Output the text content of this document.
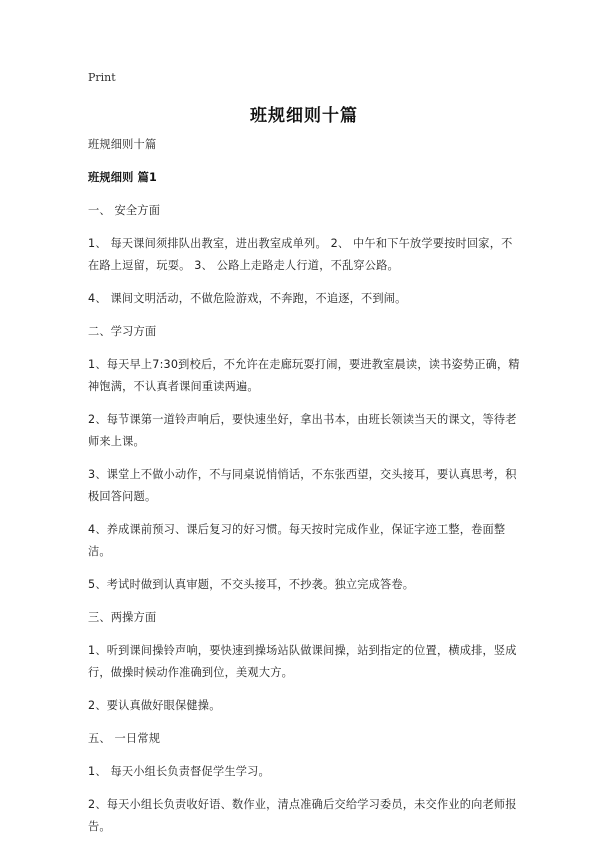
Print
班规细则十篇
班规细则十篇
班规细则 篇1
一、 安全方面
1、 每天课间须排队出教室，进出教室成单列。 2、 中午和下午放学要按时回家，不在路上逗留，玩耍。 3、 公路上走路走人行道，不乱穿公路。
4、 课间文明活动，不做危险游戏，不奔跑，不追逐，不到闹。
二、学习方面
1、每天早上7:30到校后，不允许在走廊玩耍打闹，要进教室晨读，读书姿势正确，精神饱满，不认真者课间重读两遍。
2、每节课第一道铃声响后，要快速坐好，拿出书本，由班长领读当天的课文，等待老师来上课。
3、课堂上不做小动作，不与同桌说悄悄话，不东张西望，交头接耳，要认真思考，积极回答问题。
4、养成课前预习、课后复习的好习惯。每天按时完成作业，保证字迹工整，卷面整洁。
5、考试时做到认真审题，不交头接耳，不抄袭。独立完成答卷。
三、两操方面
1、听到课间操铃声响，要快速到操场站队做课间操，站到指定的位置，横成排，竖成行，做操时候动作准确到位，美观大方。
2、要认真做好眼保健操。
五、 一日常规
1、 每天小组长负责督促学生学习。
2、每天小组长负责收好语、数作业，清点准确后交给学习委员，未交作业的向老师报告。
